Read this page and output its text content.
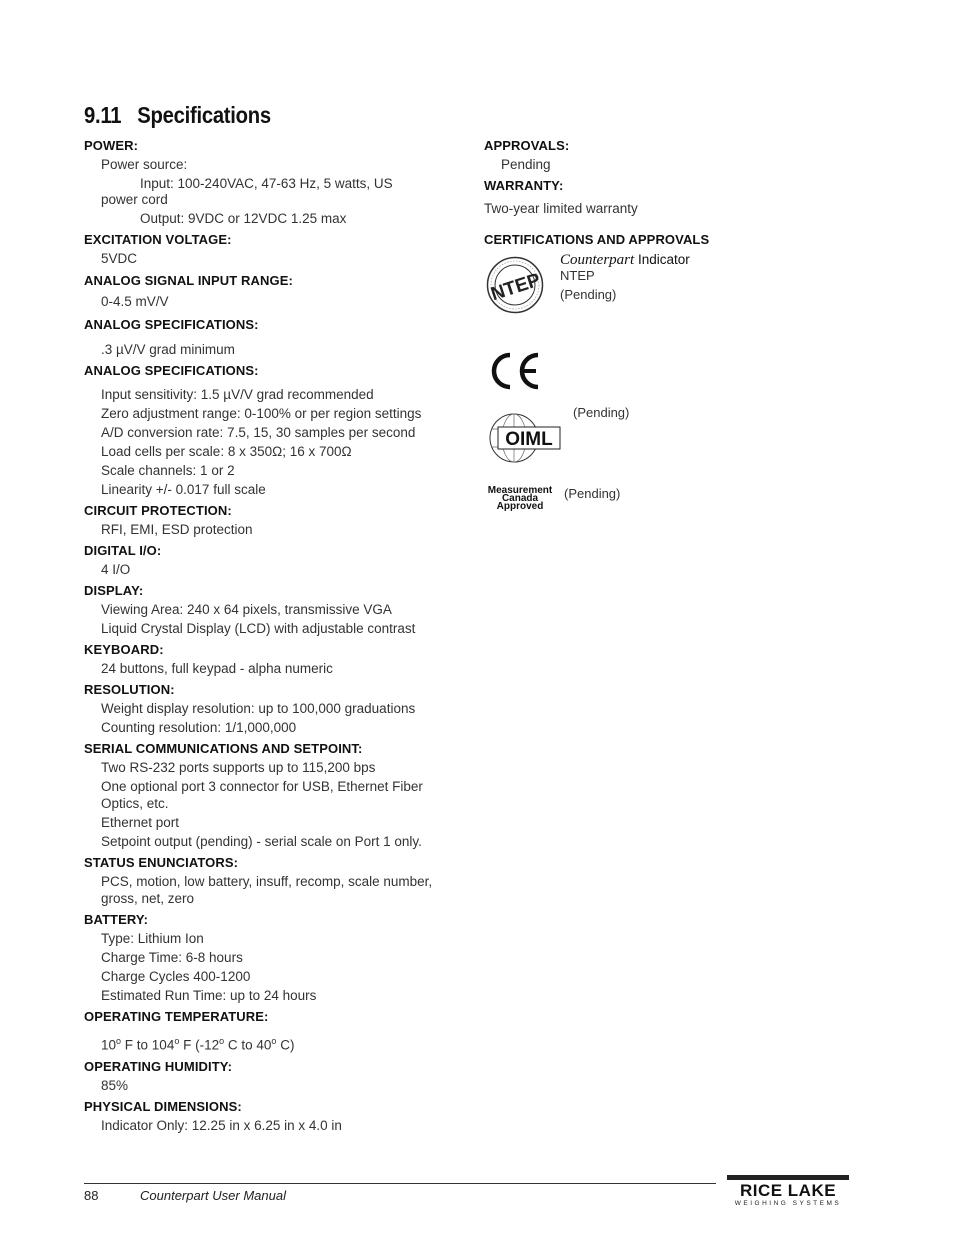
9.11 Specifications
POWER:
Power source:
Input: 100-240VAC, 47-63 Hz, 5 watts, US
power cord
Output: 9VDC or 12VDC 1.25 max
EXCITATION VOLTAGE:
5VDC
ANALOG SIGNAL INPUT RANGE:
0-4.5 mV/V
ANALOG SPECIFICATIONS:
.3 µV/V grad minimum
ANALOG SPECIFICATIONS:
Input sensitivity: 1.5 µV/V grad recommended
Zero adjustment range: 0-100% or per region settings
A/D conversion rate: 7.5, 15, 30 samples per second
Load cells per scale: 8 x 350Ω; 16 x 700Ω
Scale channels: 1 or 2
Linearity +/- 0.017 full scale
CIRCUIT PROTECTION:
RFI, EMI, ESD protection
DIGITAL I/O:
4 I/O
DISPLAY:
Viewing Area: 240 x 64 pixels, transmissive VGA
Liquid Crystal Display (LCD) with adjustable contrast
KEYBOARD:
24 buttons, full keypad - alpha numeric
RESOLUTION:
Weight display resolution: up to 100,000 graduations
Counting resolution: 1/1,000,000
SERIAL COMMUNICATIONS AND SETPOINT:
Two RS-232 ports supports up to 115,200 bps
One optional port 3 connector for USB, Ethernet Fiber
Optics, etc.
Ethernet port
Setpoint output (pending) - serial scale on Port 1 only.
STATUS ENUNCIATORS:
PCS, motion, low battery, insuff, recomp, scale number,
gross, net, zero
BATTERY:
Type: Lithium Ion
Charge Time: 6-8 hours
Charge Cycles 400-1200
Estimated Run Time: up to 24 hours
OPERATING TEMPERATURE:
10$^o$ F to 104$^o$ F (-12$^o$ C to 40$^o$ C)
OPERATING HUMIDITY:
85%
PHYSICAL DIMENSIONS:
Indicator Only: 12.25 in x 6.25 in x 4.0 in
APPROVALS:
Pending
WARRANTY:
Two-year limited warranty
CERTIFICATIONS AND APPROVALS
NTEP
Counterpart Indicator
NTEP
(Pending)
OIML
(Pending)
Measurement
Canada
Approved
(Pending)
88	Counterpart User Manual	RICE LAKE
WEIGHING SYSTEMS
